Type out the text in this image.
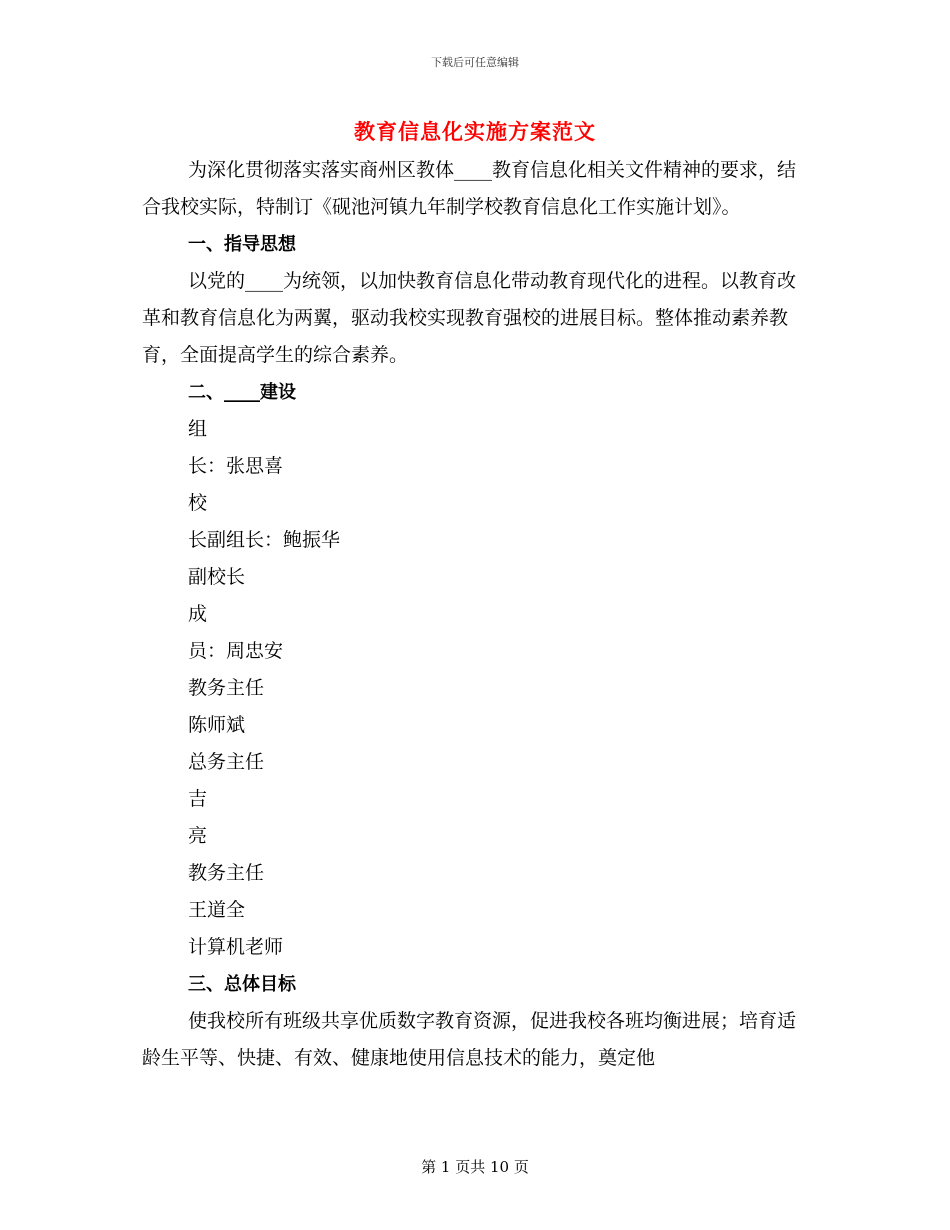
下载后可任意编辑
教育信息化实施方案范文

为深化贯彻落实落实商州区教体____教育信息化相关文件精神的要求，结合我校实际，特制订《砚池河镇九年制学校教育信息化工作实施计划》。

一、指导思想

以党的____为统领，以加快教育信息化带动教育现代化的进程。以教育改革和教育信息化为两翼，驱动我校实现教育强校的进展目标。整体推动素养教育，全面提高学生的综合素养。

二、____建设

组

长：张思喜

校

长副组长：鲍振华

副校长

成

员：周忠安

教务主任

陈师斌

总务主任

吉

亮

教务主任

王道全

计算机老师

三、总体目标

使我校所有班级共享优质数字教育资源，促进我校各班均衡进展；培育适龄生平等、快捷、有效、健康地使用信息技术的能力，奠定他

第 1 页共 10 页
